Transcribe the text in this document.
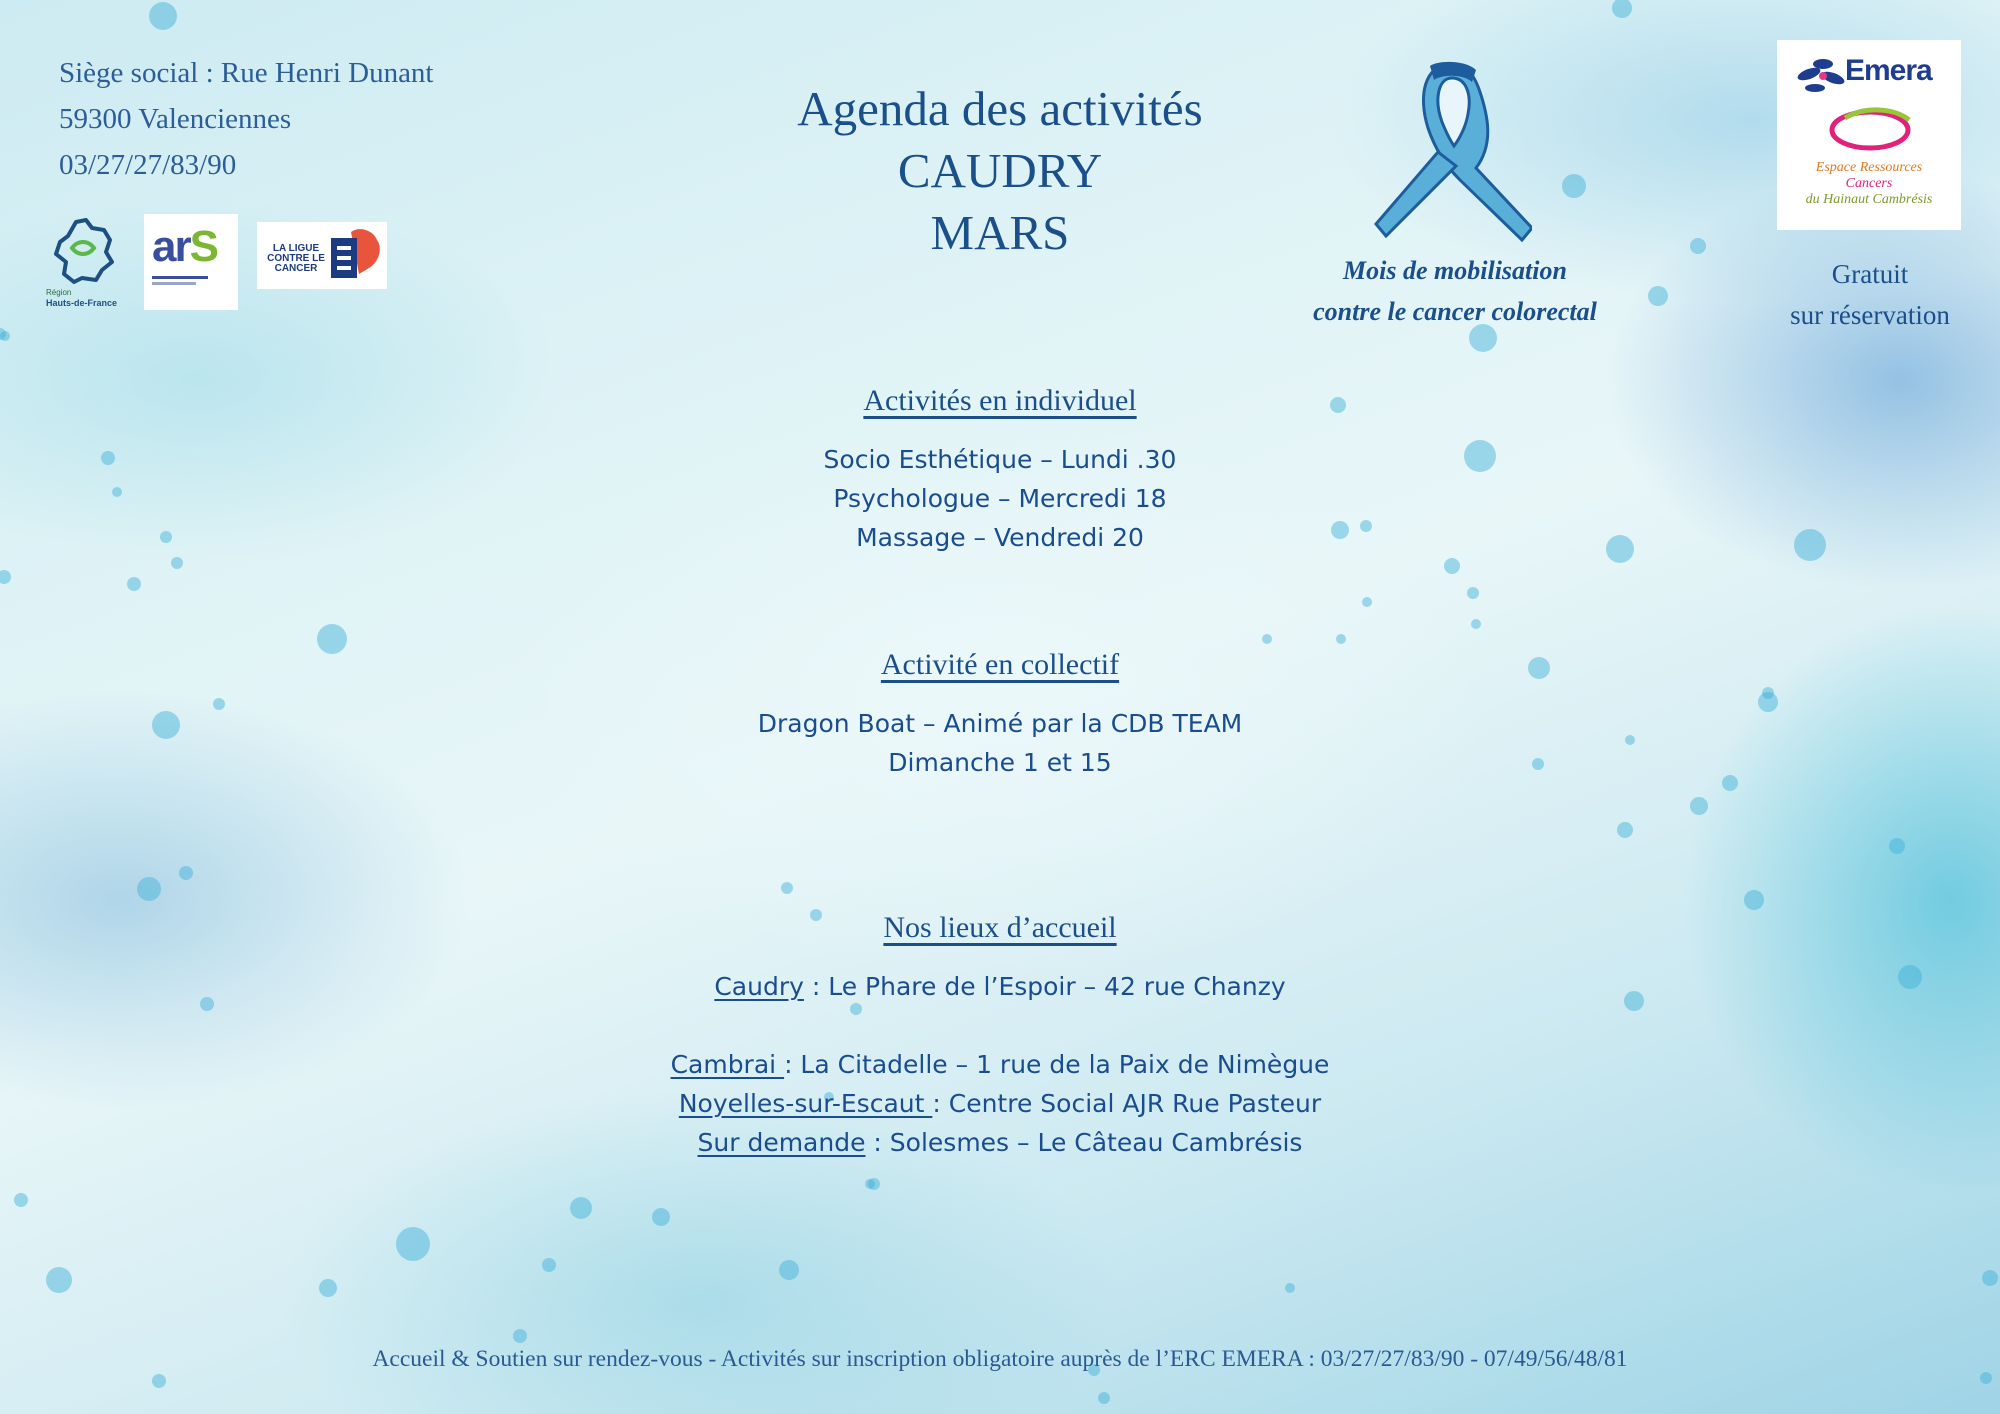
Siège social : Rue Henri Dunant
59300 Valenciennes
03/27/27/83/90
Région
Hauts-de-France
arS	LA LIGUE CONTRE LE CANCER
Agenda des activités
CAUDRY
MARS
Mois de mobilisation
contre le cancer colorectal
Emera
Espace Ressources
Cancers
du Hainaut Cambrésis
Gratuit
sur réservation
Activités en individuel
Socio Esthétique – Lundi .30
Psychologue – Mercredi 18
Massage – Vendredi 20
Activité en collectif
Dragon Boat – Animé par la CDB TEAM
Dimanche 1 et 15
Nos lieux d’accueil
Caudry : Le Phare de l’Espoir – 42 rue Chanzy
Cambrai : La Citadelle – 1 rue de la Paix de Nimègue
Noyelles-sur-Escaut : Centre Social AJR Rue Pasteur
Sur demande : Solesmes – Le Câteau Cambrésis
Accueil & Soutien sur rendez-vous - Activités sur inscription obligatoire auprès de l’ERC EMERA : 03/27/27/83/90 - 07/49/56/48/81
